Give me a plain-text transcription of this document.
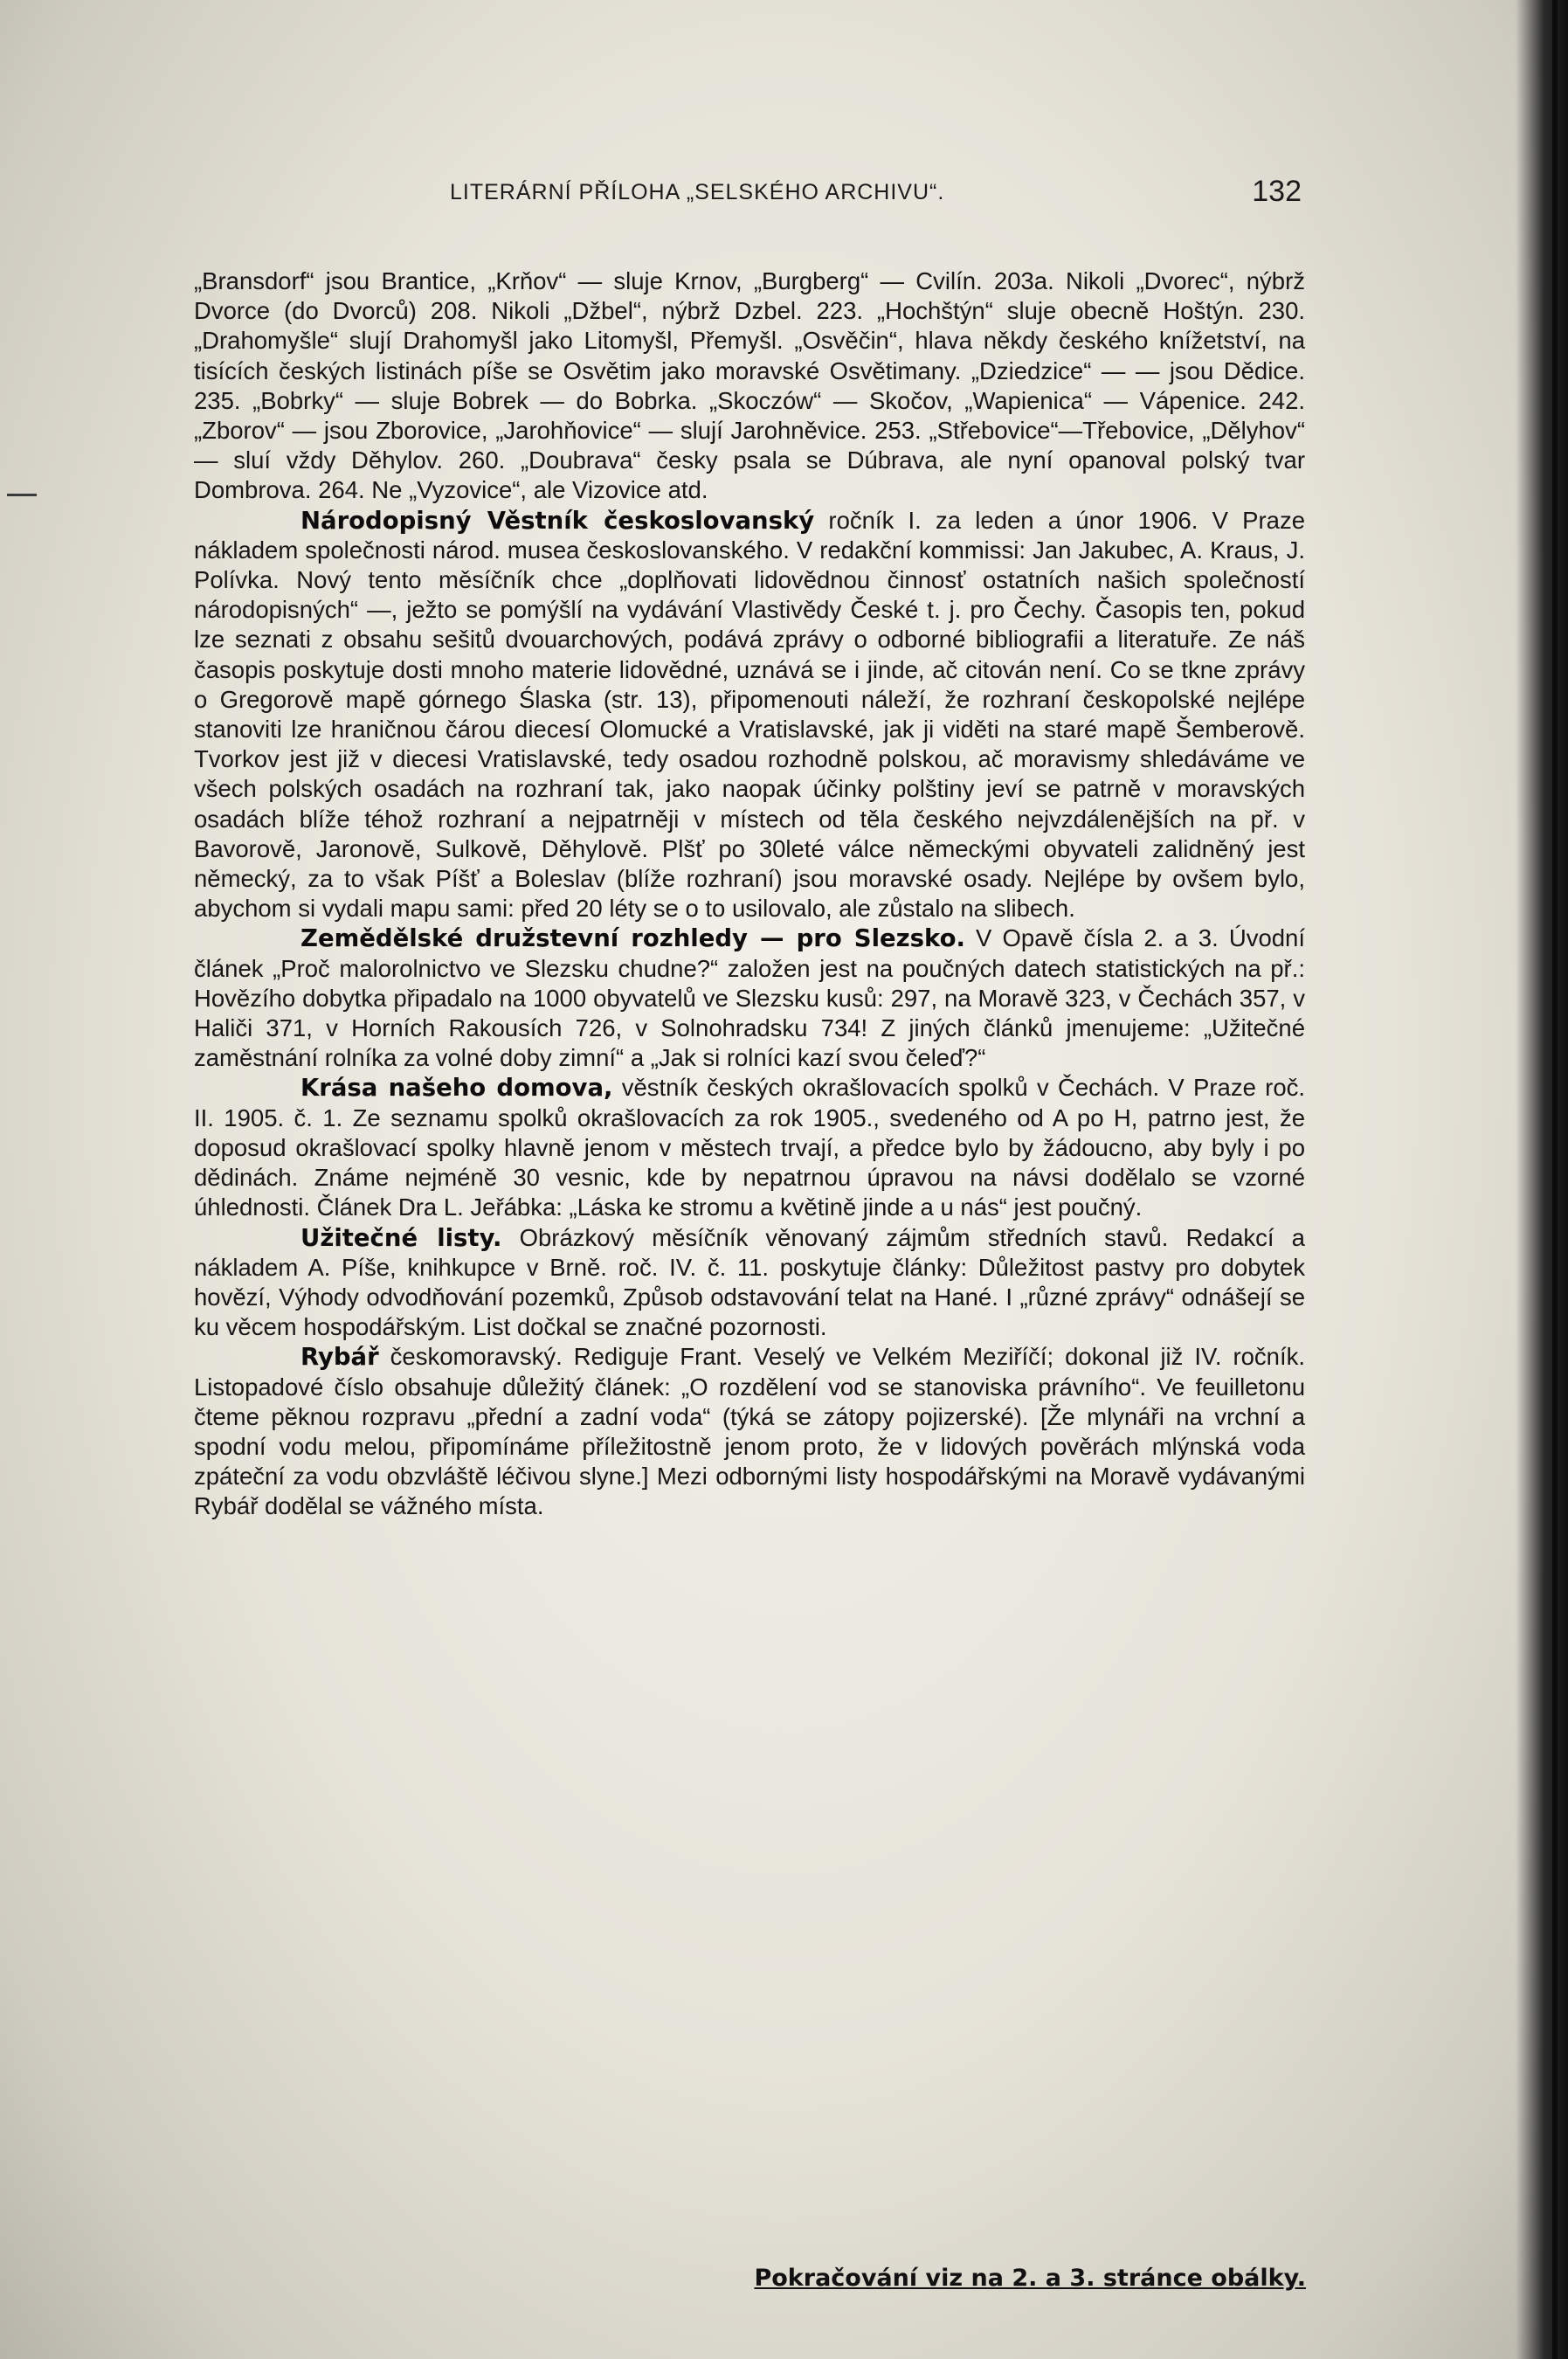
LITERÁRNÍ PŘÍLOHA „SELSKÉHO ARCHIVU“.	132

„Bransdorf“ jsou Brantice, „Krňov“ — sluje Krnov, „Burgberg“ — Cvilín. 203a. Nikoli „Dvorec“, nýbrž Dvorce (do Dvorců) 208. Nikoli „Džbel“, nýbrž Dzbel. 223. „Hochštýn“ sluje obecně Hoštýn. 230. „Drahomyšle“ slují Drahomyšl jako Litomyšl, Přemyšl. „Osvěčin“, hlava někdy českého knížetství, na tisících českých listinách píše se Osvětim jako moravské Osvětimany. „Dziedzice“ — — jsou Dědice. 235. „Bobrky“ — sluje Bobrek — do Bobrka. „Skoczów“ — Skočov, „Wapienica“ — Vápenice. 242. „Zborov“ — jsou Zborovice, „Jarohňovice“ — slují Jarohněvice. 253. „Střebovice“—Třebovice, „Dělyhov“ — sluí vždy Děhylov. 260. „Doubrava“ česky psala se Dúbrava, ale nyní opanoval polský tvar Dombrova. 264. Ne „Vyzovice“, ale Vizovice atd.

Národopisný Věstník českoslovanský ročník I. za leden a únor 1906. V Praze nákladem společnosti národ. musea českoslovanského. V redakční kommissi: Jan Jakubec, A. Kraus, J. Polívka. Nový tento měsíčník chce „doplňovati lidovědnou činnosť ostatních našich společností národopisných“ —, ježto se pomýšlí na vydávání Vlastivědy České t. j. pro Čechy. Časopis ten, pokud lze seznati z obsahu sešitů dvouarchových, podává zprávy o odborné bibliografii a literatuře. Ze náš časopis poskytuje dosti mnoho materie lidovědné, uznává se i jinde, ač citován není. Co se tkne zprávy o Gregorově mapě górnego Ślaska (str. 13), připomenouti náleží, že rozhraní českopolské nejlépe stanoviti lze hraničnou čárou diecesí Olomucké a Vratislavské, jak ji viděti na staré mapě Šemberově. Tvorkov jest již v diecesi Vratislavské, tedy osadou rozhodně polskou, ač moravismy shledáváme ve všech polských osadách na rozhraní tak, jako naopak účinky polštiny jeví se patrně v moravských osadách blíže téhož rozhraní a nejpatrněji v místech od těla českého nejvzdálenějších na př. v Bavorově, Jaronově, Sulkově, Děhylově. Plšť po 30leté válce německými obyvateli zalidněný jest německý, za to však Píšť a Boleslav (blíže rozhraní) jsou moravské osady. Nejlépe by ovšem bylo, abychom si vydali mapu sami: před 20 léty se o to usilovalo, ale zůstalo na slibech.

Zemědělské družstevní rozhledy — pro Slezsko. V Opavě čísla 2. a 3. Úvodní článek „Proč malorolnictvo ve Slezsku chudne?“ založen jest na poučných datech statistických na př.: Hovězího dobytka připadalo na 1000 obyvatelů ve Slezsku kusů: 297, na Moravě 323, v Čechách 357, v Haliči 371, v Horních Rakousích 726, v Solnohradsku 734! Z jiných článků jmenujeme: „Užitečné zaměstnání rolníka za volné doby zimní“ a „Jak si rolníci kazí svou čeleď?“

Krása našeho domova, věstník českých okrašlovacích spolků v Čechách. V Praze roč. II. 1905. č. 1. Ze seznamu spolků okrašlovacích za rok 1905., svedeného od A po H, patrno jest, že doposud okrašlovací spolky hlavně jenom v městech trvají, a předce bylo by žádoucno, aby byly i po dědinách. Známe nejméně 30 vesnic, kde by nepatrnou úpravou na návsi dodělalo se vzorné úhlednosti. Článek Dra L. Jeřábka: „Láska ke stromu a květině jinde a u nás“ jest poučný.

Užitečné listy. Obrázkový měsíčník věnovaný zájmům středních stavů. Redakcí a nákladem A. Píše, knihkupce v Brně. roč. IV. č. 11. poskytuje články: Důležitost pastvy pro dobytek hovězí, Výhody odvodňování pozemků, Způsob odstavování telat na Hané. I „různé zprávy“ odnášejí se ku věcem hospodářským. List dočkal se značné pozornosti.

Rybář českomoravský. Rediguje Frant. Veselý ve Velkém Meziříčí; dokonal již IV. ročník. Listopadové číslo obsahuje důležitý článek: „O rozdělení vod se stanoviska právního“. Ve feuilletonu čteme pěknou rozpravu „přední a zadní voda“ (týká se zátopy pojizerské). [Že mlynáři na vrchní a spodní vodu melou, připomínáme příležitostně jenom proto, že v lidových pověrách mlýnská voda zpáteční za vodu obzvláště léčivou slyne.] Mezi odbornými listy hospodářskými na Moravě vydávanými Rybář dodělal se vážného místa.

Pokračování viz na 2. a 3. stránce obálky.
